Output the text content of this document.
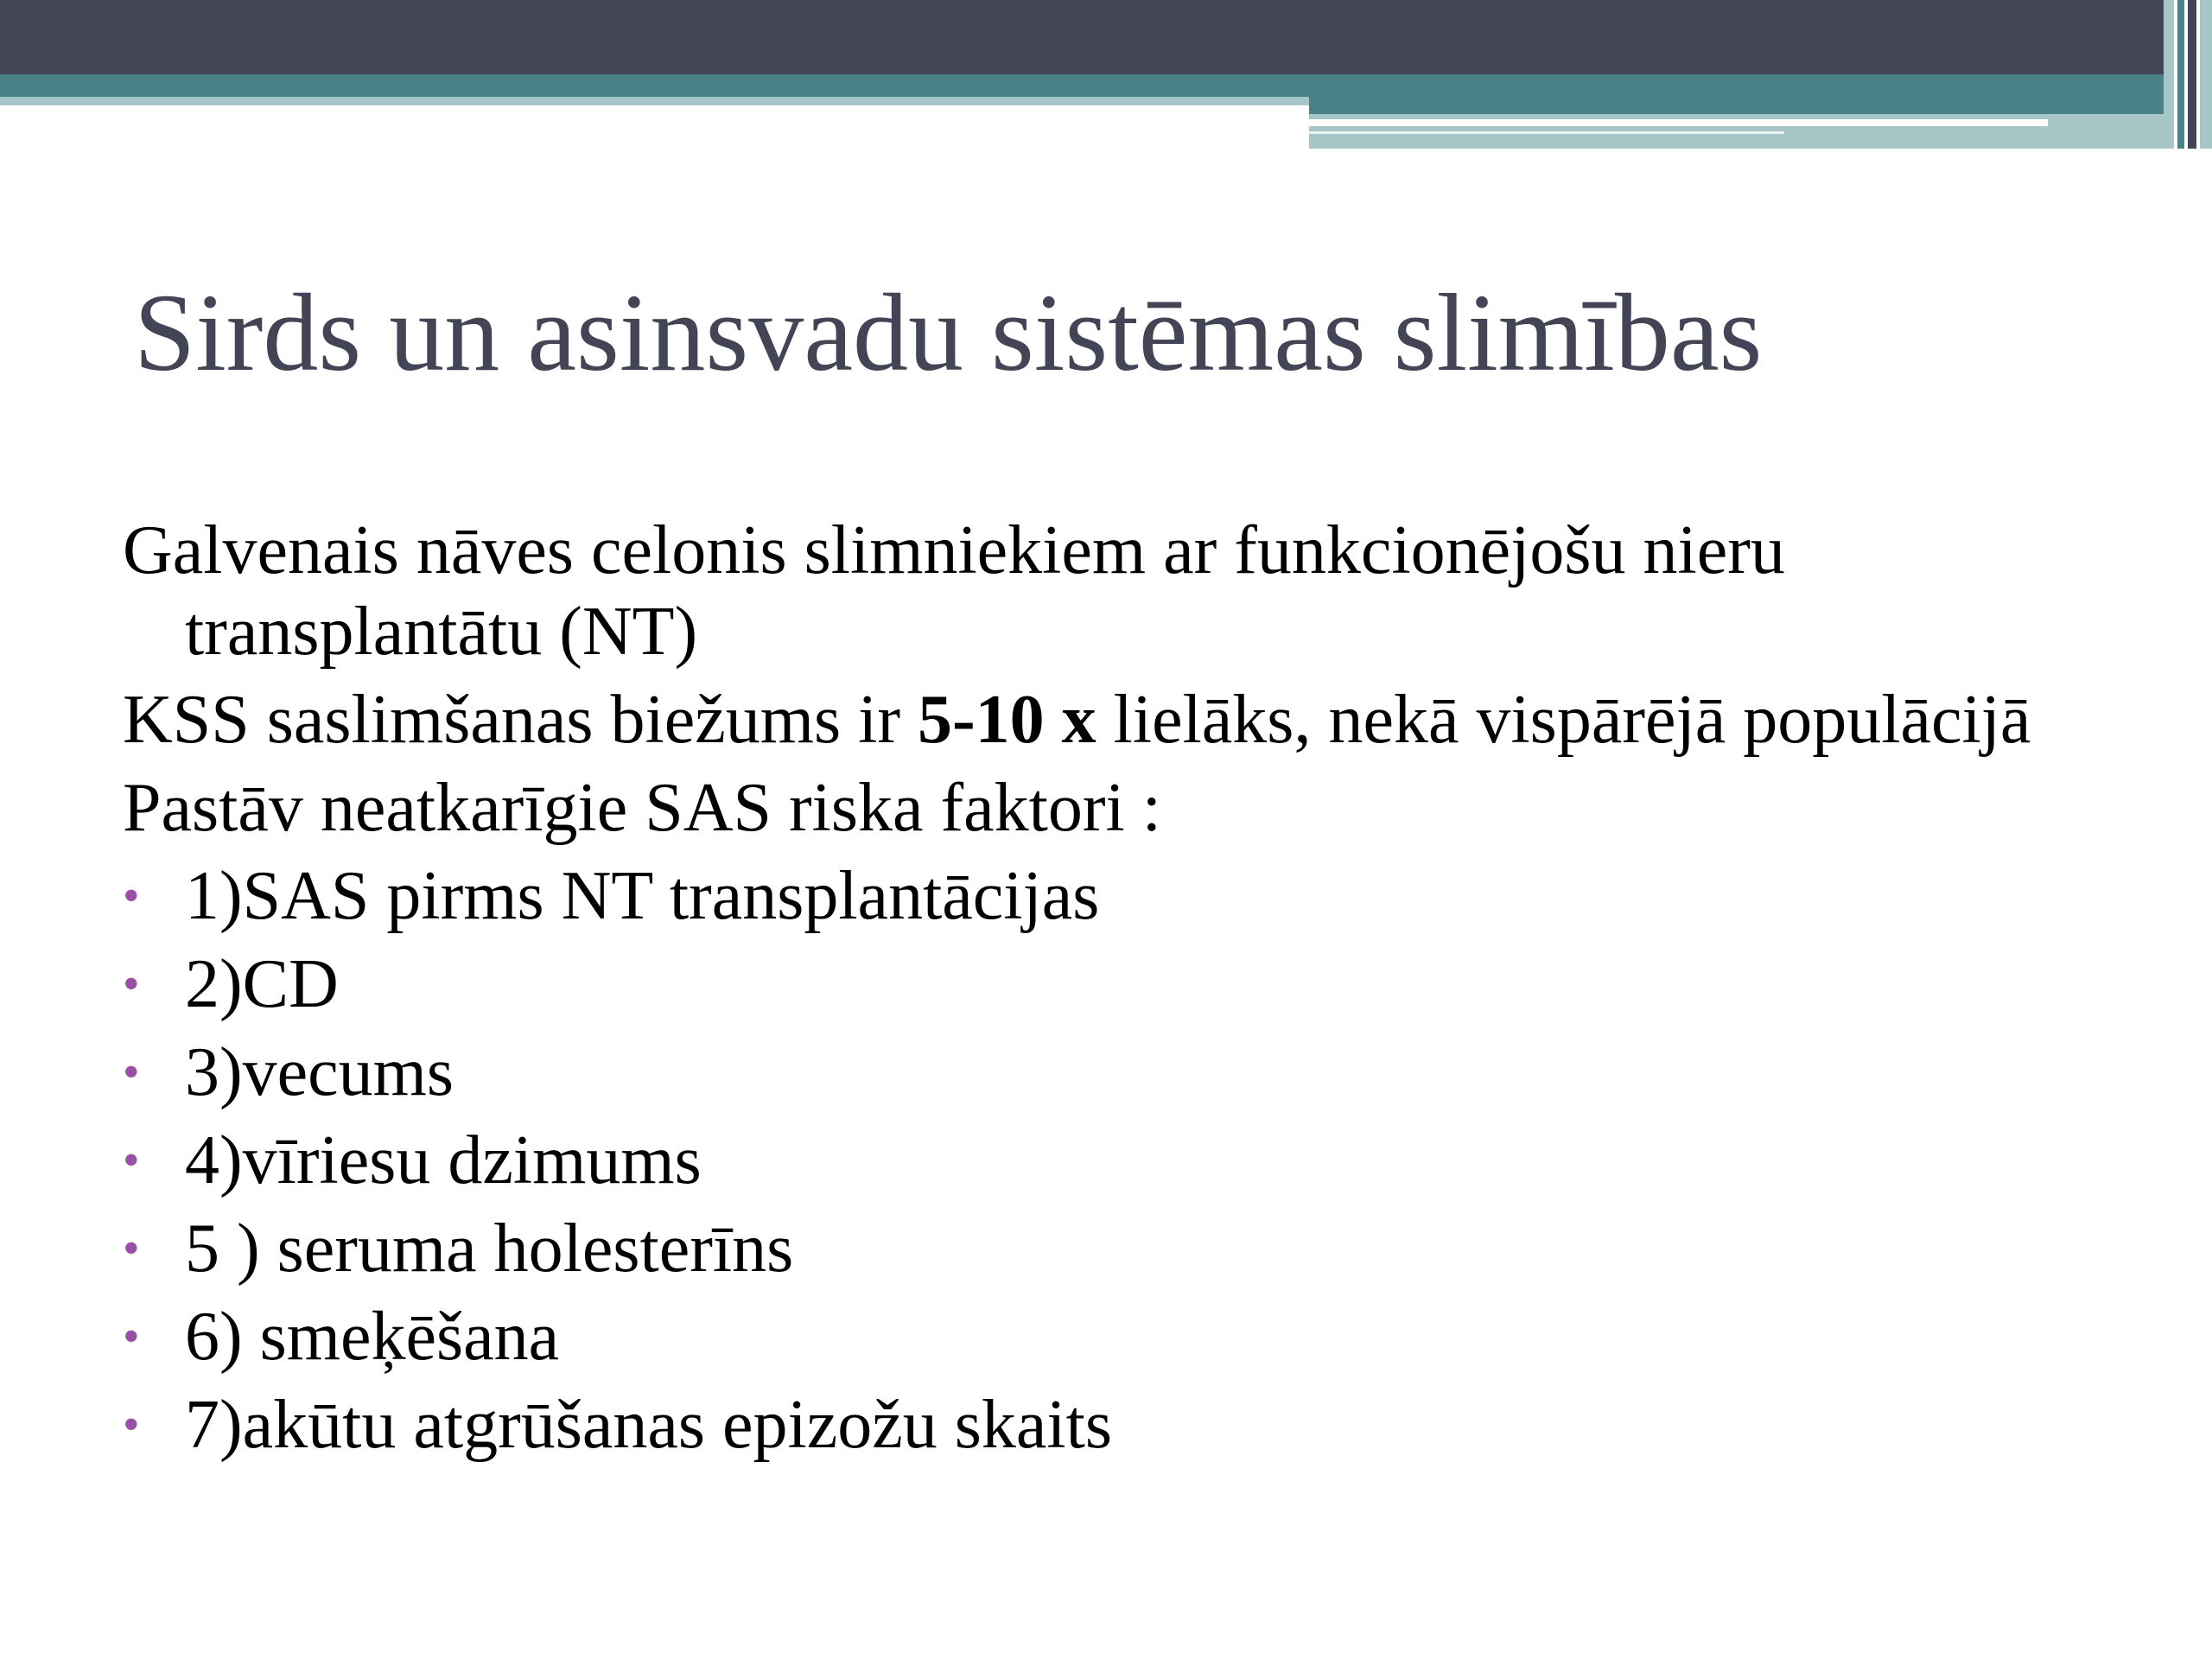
Sirds un asinsvadu sistēmas slimības
Galvenais nāves celonis slimniekiem ar funkcionējošu nieru transplantātu (NT)
KSS saslimšanas biežums ir 5-10 x lielāks, nekā vispārējā populācijā
Pastāv neatkarīgie SAS riska faktori :
• 1)SAS pirms NT transplantācijas
• 2)CD
• 3)vecums
• 4)vīriesu dzimums
• 5 ) seruma holesterīns
• 6) smeķēšana
• 7)akūtu atgrūšanas epizožu skaits
